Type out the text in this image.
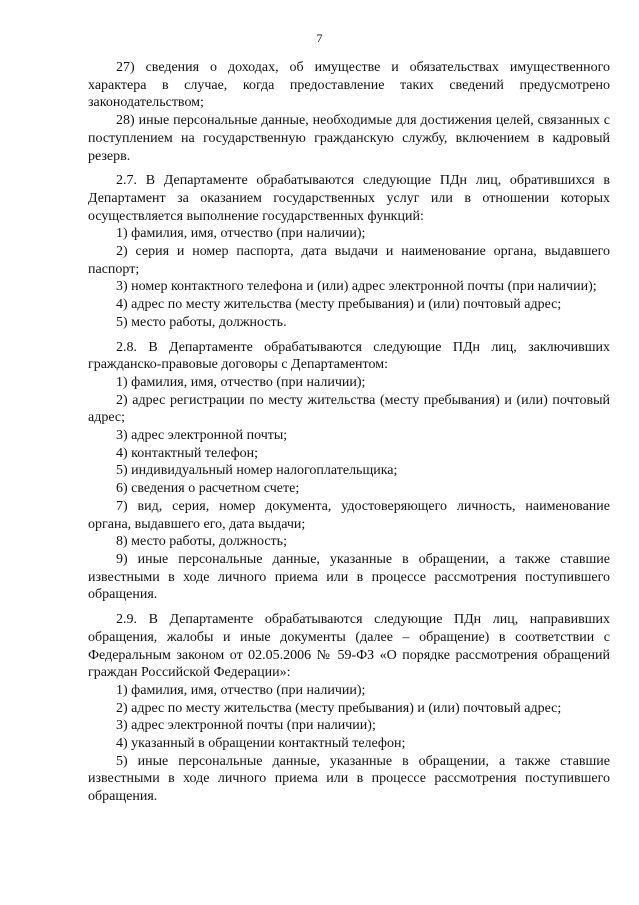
7

27) сведения о доходах, об имуществе и обязательствах имущественного характера в случае, когда предоставление таких сведений предусмотрено законодательством;

28) иные персональные данные, необходимые для достижения целей, связанных с поступлением на государственную гражданскую службу, включением в кадровый резерв.

2.7. В Департаменте обрабатываются следующие ПДн лиц, обратившихся в Департамент за оказанием государственных услуг или в отношении которых осуществляется выполнение государственных функций:

1) фамилия, имя, отчество (при наличии);

2) серия и номер паспорта, дата выдачи и наименование органа, выдавшего паспорт;

3) номер контактного телефона и (или) адрес электронной почты (при наличии);

4) адрес по месту жительства (месту пребывания) и (или) почтовый адрес;

5) место работы, должность.

2.8. В Департаменте обрабатываются следующие ПДн лиц, заключивших гражданско-правовые договоры с Департаментом:

1) фамилия, имя, отчество (при наличии);

2) адрес регистрации по месту жительства (месту пребывания) и (или) почтовый адрес;

3) адрес электронной почты;

4) контактный телефон;

5) индивидуальный номер налогоплательщика;

6) сведения о расчетном счете;

7) вид, серия, номер документа, удостоверяющего личность, наименование органа, выдавшего его, дата выдачи;

8) место работы, должность;

9) иные персональные данные, указанные в обращении, а также ставшие известными в ходе личного приема или в процессе рассмотрения поступившего обращения.

2.9. В Департаменте обрабатываются следующие ПДн лиц, направивших обращения, жалобы и иные документы (далее – обращение) в соответствии с Федеральным законом от 02.05.2006 № 59-ФЗ «О порядке рассмотрения обращений граждан Российской Федерации»:

1) фамилия, имя, отчество (при наличии);

2) адрес по месту жительства (месту пребывания) и (или) почтовый адрес;

3) адрес электронной почты (при наличии);

4) указанный в обращении контактный телефон;

5) иные персональные данные, указанные в обращении, а также ставшие известными в ходе личного приема или в процессе рассмотрения поступившего обращения.
